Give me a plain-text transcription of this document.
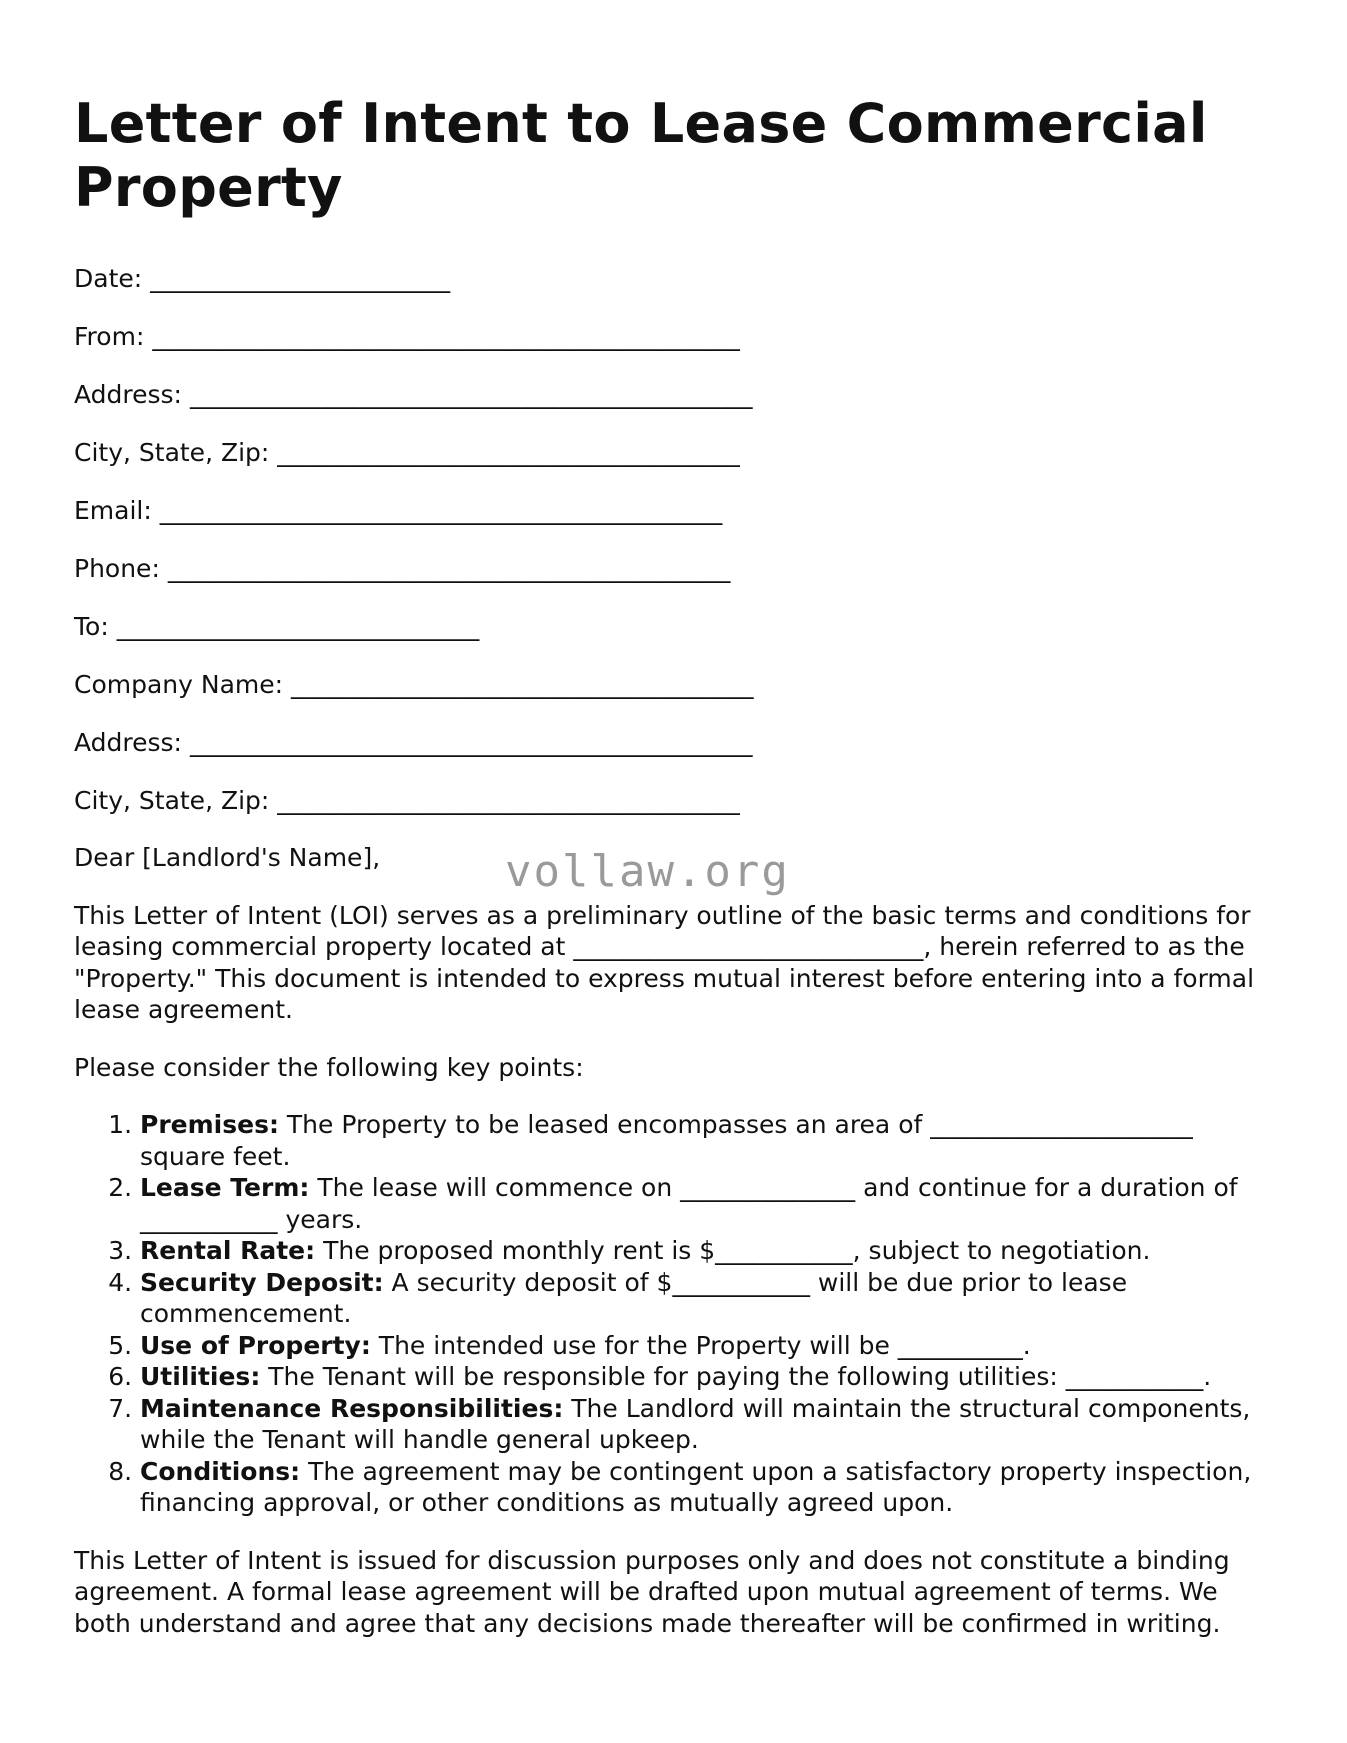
Letter of Intent to Lease Commercial Property
Date: ________________________
From: _______________________________________________
Address: _____________________________________________
City, State, Zip: _____________________________________
Email: _____________________________________________
Phone: _____________________________________________
To: _____________________________
Company Name: _____________________________________
Address: _____________________________________________
City, State, Zip: _____________________________________

Dear [Landlord's Name],

This Letter of Intent (LOI) serves as a preliminary outline of the basic terms and conditions for leasing commercial property located at ____________________________, herein referred to as the "Property." This document is intended to express mutual interest before entering into a formal lease agreement.

Please consider the following key points:

1. Premises: The Property to be leased encompasses an area of _____________________ square feet.
2. Lease Term: The lease will commence on ______________ and continue for a duration of ___________ years.
3. Rental Rate: The proposed monthly rent is $___________, subject to negotiation.
4. Security Deposit: A security deposit of $___________ will be due prior to lease commencement.
5. Use of Property: The intended use for the Property will be __________.
6. Utilities: The Tenant will be responsible for paying the following utilities: ___________.
7. Maintenance Responsibilities: The Landlord will maintain the structural components, while the Tenant will handle general upkeep.
8. Conditions: The agreement may be contingent upon a satisfactory property inspection, financing approval, or other conditions as mutually agreed upon.

This Letter of Intent is issued for discussion purposes only and does not constitute a binding agreement. A formal lease agreement will be drafted upon mutual agreement of terms. We both understand and agree that any decisions made thereafter will be confirmed in writing.

vollaw.org
